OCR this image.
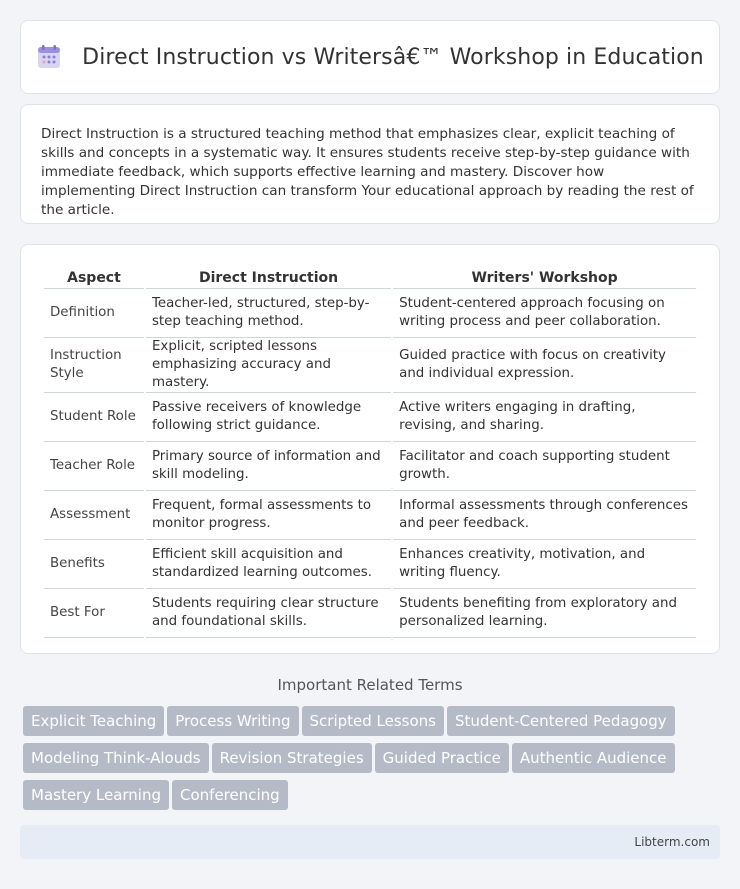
Direct Instruction vs Writersâ€™ Workshop in Education

Direct Instruction is a structured teaching method that emphasizes clear, explicit teaching of skills and concepts in a systematic way. It ensures students receive step-by-step guidance with immediate feedback, which supports effective learning and mastery. Discover how implementing Direct Instruction can transform Your educational approach by reading the rest of the article.

Aspect	Direct Instruction	Writers' Workshop
Definition	Teacher-led, structured, step-by-step teaching method.	Student-centered approach focusing on writing process and peer collaboration.
Instruction Style	Explicit, scripted lessons emphasizing accuracy and mastery.	Guided practice with focus on creativity and individual expression.
Student Role	Passive receivers of knowledge following strict guidance.	Active writers engaging in drafting, revising, and sharing.
Teacher Role	Primary source of information and skill modeling.	Facilitator and coach supporting student growth.
Assessment	Frequent, formal assessments to monitor progress.	Informal assessments through conferences and peer feedback.
Benefits	Efficient skill acquisition and standardized learning outcomes.	Enhances creativity, motivation, and writing fluency.
Best For	Students requiring clear structure and foundational skills.	Students benefiting from exploratory and personalized learning.
Important Related Terms
Explicit Teaching Process Writing Scripted Lessons Student-Centered Pedagogy
Modeling Think-Alouds Revision Strategies Guided Practice Authentic Audience
Mastery Learning Conferencing
Libterm.com
